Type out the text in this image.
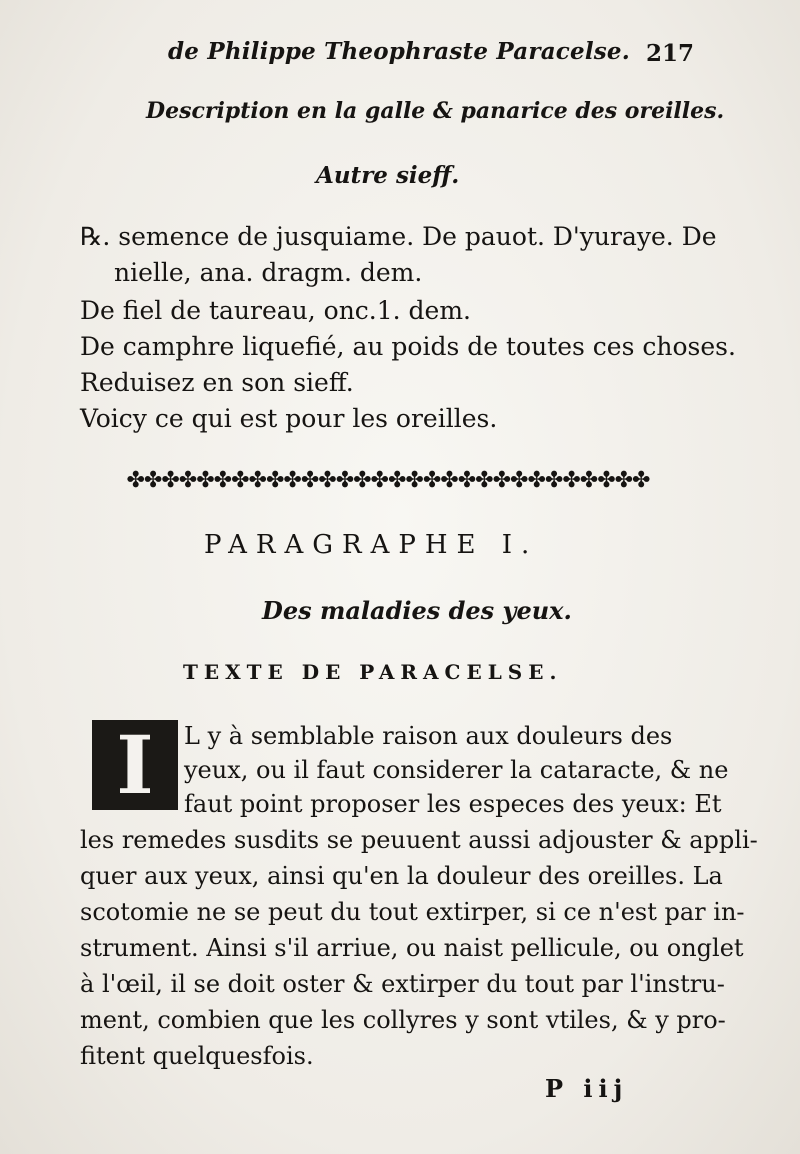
de Philippe Theophraste Paracelse. 217
Description en la galle & panarice des oreilles.
Autre sieff.
℞. semence de jusquiame. De pauot. D'yuraye. De
nielle, ana. dragm. dem.
De fiel de taureau, onc.1. dem.
De camphre liquefié, au poids de toutes ces choses.
Reduisez en son sieff.
Voicy ce qui est pour les oreilles.
✤✤✤✤✤✤✤✤✤✤✤✤✤✤✤✤✤✤✤✤✤✤✤✤✤✤✤✤✤✤
PARAGRAPHE I.
Des maladies des yeux.
TEXTE DE PARACELSE.
I	L y à semblable raison aux douleurs des
yeux, ou il faut considerer la cataracte, & ne
faut point proposer les especes des yeux: Et
les remedes susdits se peuuent aussi adjouster & appli-
quer aux yeux, ainsi qu'en la douleur des oreilles. La
scotomie ne se peut du tout extirper, si ce n'est par in-
strument. Ainsi s'il arriue, ou naist pellicule, ou onglet
à l'œil, il se doit oster & extirper du tout par l'instru-
ment, combien que les collyres y sont vtiles, & y pro-
fitent quelquesfois.
P iij
